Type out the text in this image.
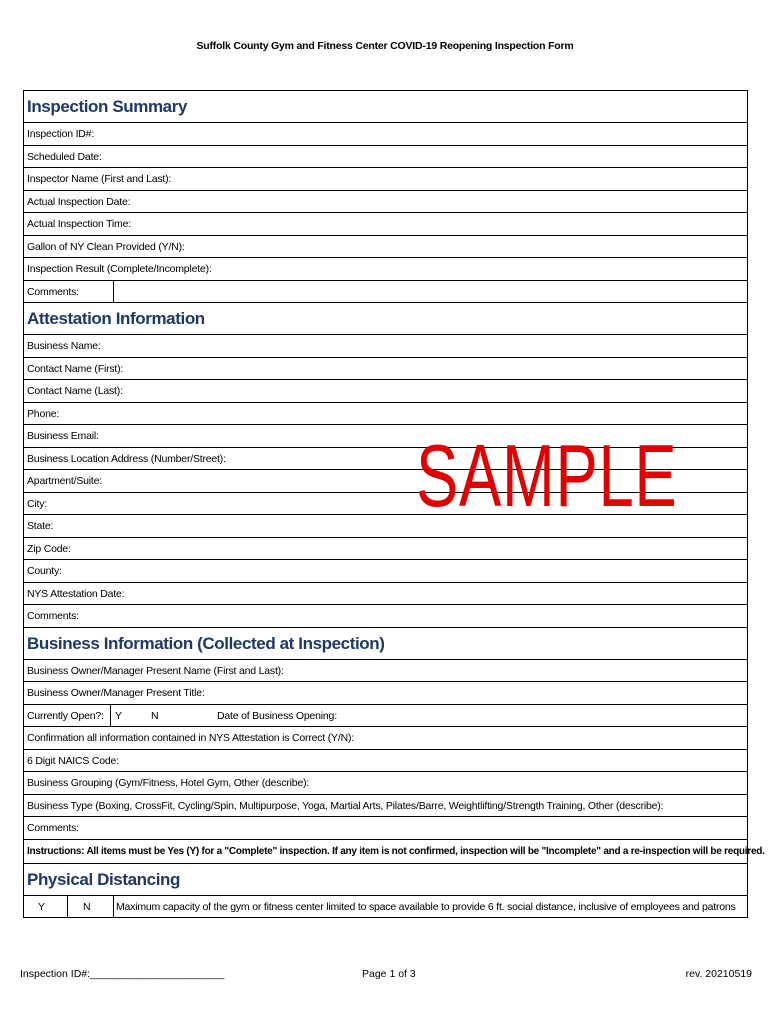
Suffolk County Gym and Fitness Center COVID-19 Reopening Inspection Form
Inspection Summary
Inspection ID#:
Scheduled Date:
Inspector Name (First and Last):
Actual Inspection Date:
Actual Inspection Time:
Gallon of NY Clean Provided (Y/N):
Inspection Result (Complete/Incomplete):
Comments:
Attestation Information
Business Name:
Contact Name (First):
Contact Name (Last):
Phone:
Business Email:
Business Location Address (Number/Street):
Apartment/Suite:
City:
State:
Zip Code:
County:
NYS Attestation Date:
Comments:
Business Information (Collected at Inspection)
Business Owner/Manager Present Name (First and Last):
Business Owner/Manager Present Title:
Currently Open?: Y	N	Date of Business Opening:
Confirmation all information contained in NYS Attestation is Correct (Y/N):
6 Digit NAICS Code:
Business Grouping (Gym/Fitness, Hotel Gym, Other (describe):
Business Type (Boxing, CrossFit, Cycling/Spin, Multipurpose, Yoga, Martial Arts, Pilates/Barre, Weightlifting/Strength Training, Other (describe):
Comments:
Instructions: All items must be Yes (Y) for a "Complete" inspection. If any item is not confirmed, inspection will be "Incomplete" and a re-inspection will be required.
Physical Distancing
Y	N Maximum capacity of the gym or fitness center limited to space available to provide 6 ft. social distance, inclusive of employees and patrons
SAMPLE
Inspection ID#:_______________________	Page 1 of 3	rev. 20210519
